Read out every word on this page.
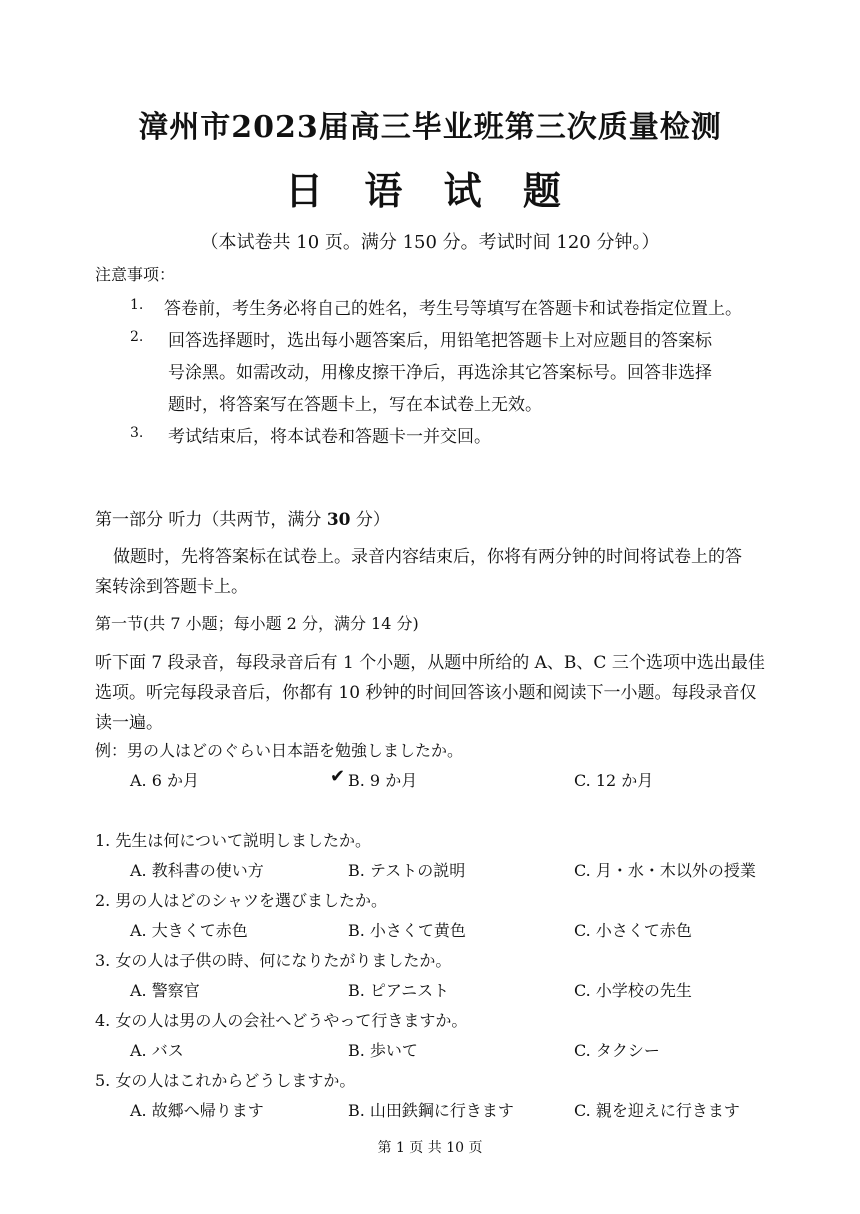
漳州市2023届高三毕业班第三次质量检测
日 语 试 题
（本试卷共 10 页。满分 150 分。考试时间 120 分钟。）
注意事项：
1. 答卷前，考生务必将自己的姓名，考生号等填写在答题卡和试卷指定位置上。
2. 回答选择题时，选出每小题答案后，用铅笔把答题卡上对应题目的答案标
号涂黑。如需改动，用橡皮擦干净后，再选涂其它答案标号。回答非选择
题时，将答案写在答题卡上，写在本试卷上无效。
3. 考试结束后，将本试卷和答题卡一并交回。
第一部分 听力（共两节，满分 30 分）
做题时，先将答案标在试卷上。录音内容结束后，你将有两分钟的时间将试卷上的答
案转涂到答题卡上。
第一节(共 7 小题；每小题 2 分，满分 14 分)
听下面 7 段录音，每段录音后有 1 个小题，从题中所给的 A、B、C 三个选项中选出最佳
选项。听完每段录音后，你都有 10 秒钟的时间回答该小题和阅读下一小题。每段录音仅
读一遍。
例：男の人はどのぐらい日本語を勉強しましたか。
A. 6 か月	✔ B. 9 か月	C. 12 か月
1. 先生は何について説明しましたか。
A. 教科書の使い方	B. テストの説明	C. 月・水・木以外の授業
2. 男の人はどのシャツを選びましたか。
A. 大きくて赤色	B. 小さくて黄色	C. 小さくて赤色
3. 女の人は子供の時、何になりたがりましたか。
A. 警察官	B. ピアニスト	C. 小学校の先生
4. 女の人は男の人の会社へどうやって行きますか。
A. バス	B. 歩いて	C. タクシー
5. 女の人はこれからどうしますか。
A. 故郷へ帰ります	B. 山田鉄鋼に行きます	C. 親を迎えに行きます
第 1 页 共 10 页
